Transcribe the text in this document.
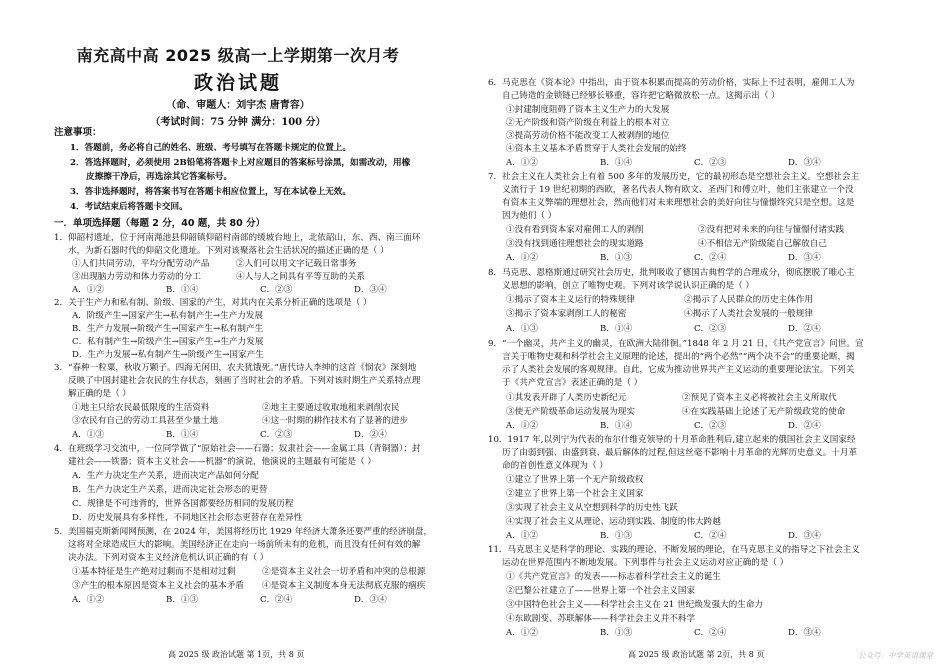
南充高中高 2025 级高一上学期第一次月考
政治试题
（命、审题人：刘宇杰 唐青容）
（考试时间：75 分钟 满分：100 分）
注意事项：
1．答题前，务必将自己的姓名、班级、考号填写在答题卡规定的位置上。
2．答选择题时，必须使用 2B铅笔将答题卡上对应题目的答案标号涂黑，如需改动，用橡
皮擦擦干净后，再选涂其它答案标号。
3．答非选择题时，将答案书写在答题卡相应位置上，写在本试卷上无效。
4．考试结束后将答题卡交回。
一．单项选择题（每题 2 分，40 题，共 80 分）
1．仰韶村遗址，位于河南渑池县仰韶镇仰韶村南部的缓坡台地上，北依韶山，东、西、南三面环
水，为新石器时代的仰韶文化遗址。下列对该聚落社会生活状况的描述正确的是（ ）
①人们共同劳动，平均分配劳动产品	②人们可以用文字记载日常事务
③出现脑力劳动和体力劳动的分工	④人与人之间具有平等互助的关系
A．①②	B．①④	C．②③	D．③④
2．关于生产力和私有制、阶级、国家的产生，对其内在关系分析正确的选项是（ ）
A．阶级产生→国家产生→私有制产生→生产力发展
B．生产力发展→阶级产生→国家产生→私有制产生
C．私有制产生→阶级产生→国家产生→生产力发展
D．生产力发展→私有制产生→阶级产生→国家产生
3．“春种一粒粟，秋收万颗子。四海无闲田，农夫犹饿死。”唐代诗人李绅的这首《悯农》深刻地
反映了中国封建社会农民的生存状态，刻画了当时社会的矛盾。下列对该时期生产关系特点理
解正确的是（ ）
①地主只给农民最低限度的生活资料	②地主主要通过收取地租来剥削农民
③农民有自己的劳动工具甚至少量土地	④这一时期的耕作技术有了显著的进步
A．①③	B．①④	C．②③	D．②④
4．在班级学习交流中，一位同学做了“原始社会——石器；奴隶社会——金属工具（青铜器）；封
建社会——铁器；资本主义社会——机器”的演说，他演说的主题最有可能是（ ）
A．生产力决定生产关系，进而决定产品如何分配
B．生产力决定生产关系，进而决定社会形态的更替
C．规律是不可违背的，世界各国都要经历相同的发展历程
D．历史发展具有多样性，不同地区社会形态更替存在差异性
5．美国福克斯新闻网预测，在 2024 年，美国将经历比 1929 年经济大萧条还要严重的经济崩盘，
这将对全球造成巨大的影响。美国经济正在走向一场前所未有的危机，而且没有任何有效的解
决办法。下列对资本主义经济危机认识正确的有（ ）
①基本特征是生产绝对过剩而不是相对过剩	②是资本主义社会一切矛盾和冲突的总根源
③产生的根本原因是资本主义社会的基本矛盾 ④是资本主义制度本身无法彻底克服的痼疾
A．①②	B．①③	C．②④	D．③④
高 2025 级 政治试题 第 1页，共 8 页
6．马克思在《资本论》中指出，由于资本积累而提高的劳动价格，实际上不过表明，雇佣工人为
自己铸造的金锁链已经够长够重，容许把它略微放松一点。这揭示出（ ）
①封建制度阻碍了资本主义生产力的大发展
②无产阶级和资产阶级在利益上的根本对立
③提高劳动价格不能改变工人被剥削的地位
④资本主义基本矛盾贯穿于人类社会发展的始终
A．①②	B．①④	C．②③	D．③④
7．社会主义在人类社会上有着 500 多年的发展历史，它的最初形态是空想社会主义。空想社会主
义流行于 19 世纪初期的西欧，著名代表人物有欧文、圣西门和傅立叶，他们主张建立一个没
有资本主义弊端的理想社会，然而他们对未来理想社会的美好向往与憧憬终究只是空想。这是
因为他们（ ）
①没有看到资本家对雇佣工人的剥削	②没有把对未来的向往与憧憬付诸实践
③没有找到通往理想社会的现实道路	④不相信无产阶级能自己解放自己
A．①②	B．①③	C．②④	D．③④
8．马克思、恩格斯通过研究社会历史，批判吸收了德国古典哲学的合理成分，彻底摆脱了唯心主
义思想的影响，创立了唯物史观。下列对该学说认识正确的是（ ）
①揭示了资本主义运行的特殊规律	②揭示了人民群众的历史主体作用
③揭示了资本家剥削工人的秘密	④揭示了人类社会发展的一般规律
A．①③	B．①④	C．②③	D．②④
9．“一个幽灵，共产主义的幽灵，在欧洲大陆徘徊。”1848 年 2 月 21 日，《共产党宣言》问世。宣
言关于唯物史观和科学社会主义原理的论述，提出的“两个必然”“两个决不会”的重要论断，揭
示了人类社会发展的客观规律。自此，它成为推动世界共产主义运动的重要理论法宝。下列关
于《共产党宣言》表述正确的是（ ）
①其发表开辟了人类历史新纪元	②预见了资本主义必将被社会主义所取代
③使无产阶级革命运动发展为现实	④在实践基础上论述了无产阶级政党的使命
A．①②	B．①④	C．②③	D．②④
10．1917 年,以列宁为代表的布尔什维克领导的十月革命胜利后,建立起来的俄国社会主义国家经
历了由弱到强、由盛到衰、最后解体的过程,但这丝毫不影响十月革命的光辉历史意义。十月革
命的首创性意义体现为（ ）
①建立了世界上第一个无产阶级政权
②建立了世界上第一个社会主义国家
③实现了社会主义从空想到科学的历史性飞跃
④实现了社会主义从理论、运动到实践、制度的伟大跨越
A．①②	B．①③	C．②④	D．③④
11．马克思主义是科学的理论、实践的理论、不断发展的理论，在马克思主义的指导之下社会主义
运动在世界范围内不断地发展。下列事件与社会主义运动对应正确的是（ ）
①《共产党宣言》的发表——标志着科学社会主义的诞生
②巴黎公社建立了——世界上第一个社会主义国家
③中国特色社会主义——科学社会主义在 21 世纪焕发强大的生命力
④东欧剧变、苏联解体——科学社会主义并不科学
A．①②	B．①③	C．②④	D．③④
高 2025 级 政治试题 第 2页，共 8 页	公众号：中学英语课堂
